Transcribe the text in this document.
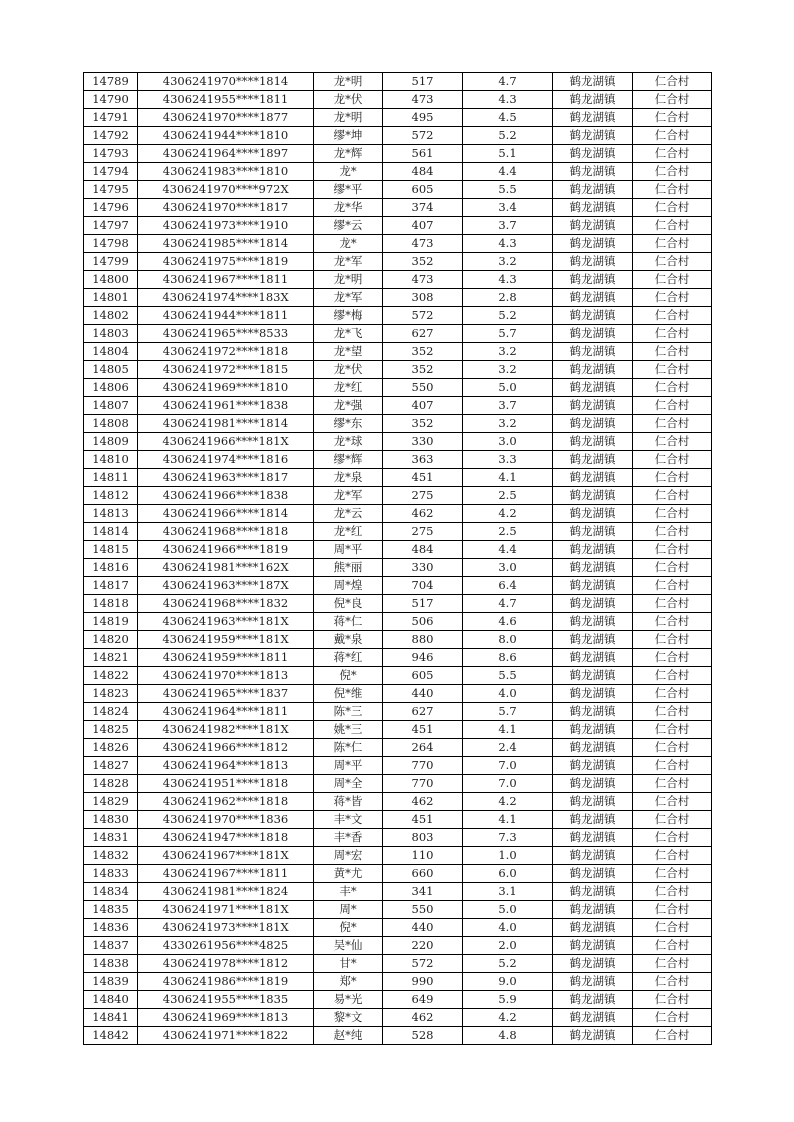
14789	4306241970****1814	龙*明	517	4.7	鹤龙湖镇	仁合村
14790	4306241955****1811	龙*伏	473	4.3	鹤龙湖镇	仁合村
14791	4306241970****1877	龙*明	495	4.5	鹤龙湖镇	仁合村
14792	4306241944****1810	缪*坤	572	5.2	鹤龙湖镇	仁合村
14793	4306241964****1897	龙*辉	561	5.1	鹤龙湖镇	仁合村
14794	4306241983****1810	龙*	484	4.4	鹤龙湖镇	仁合村
14795	4306241970****972X	缪*平	605	5.5	鹤龙湖镇	仁合村
14796	4306241970****1817	龙*华	374	3.4	鹤龙湖镇	仁合村
14797	4306241973****1910	缪*云	407	3.7	鹤龙湖镇	仁合村
14798	4306241985****1814	龙*	473	4.3	鹤龙湖镇	仁合村
14799	4306241975****1819	龙*军	352	3.2	鹤龙湖镇	仁合村
14800	4306241967****1811	龙*明	473	4.3	鹤龙湖镇	仁合村
14801	4306241974****183X	龙*军	308	2.8	鹤龙湖镇	仁合村
14802	4306241944****1811	缪*梅	572	5.2	鹤龙湖镇	仁合村
14803	4306241965****8533	龙*飞	627	5.7	鹤龙湖镇	仁合村
14804	4306241972****1818	龙*望	352	3.2	鹤龙湖镇	仁合村
14805	4306241972****1815	龙*伏	352	3.2	鹤龙湖镇	仁合村
14806	4306241969****1810	龙*红	550	5.0	鹤龙湖镇	仁合村
14807	4306241961****1838	龙*强	407	3.7	鹤龙湖镇	仁合村
14808	4306241981****1814	缪*东	352	3.2	鹤龙湖镇	仁合村
14809	4306241966****181X	龙*球	330	3.0	鹤龙湖镇	仁合村
14810	4306241974****1816	缪*辉	363	3.3	鹤龙湖镇	仁合村
14811	4306241963****1817	龙*泉	451	4.1	鹤龙湖镇	仁合村
14812	4306241966****1838	龙*军	275	2.5	鹤龙湖镇	仁合村
14813	4306241966****1814	龙*云	462	4.2	鹤龙湖镇	仁合村
14814	4306241968****1818	龙*红	275	2.5	鹤龙湖镇	仁合村
14815	4306241966****1819	周*平	484	4.4	鹤龙湖镇	仁合村
14816	4306241981****162X	熊*丽	330	3.0	鹤龙湖镇	仁合村
14817	4306241963****187X	周*煌	704	6.4	鹤龙湖镇	仁合村
14818	4306241968****1832	倪*良	517	4.7	鹤龙湖镇	仁合村
14819	4306241963****181X	蒋*仁	506	4.6	鹤龙湖镇	仁合村
14820	4306241959****181X	戴*泉	880	8.0	鹤龙湖镇	仁合村
14821	4306241959****1811	蒋*红	946	8.6	鹤龙湖镇	仁合村
14822	4306241970****1813	倪*	605	5.5	鹤龙湖镇	仁合村
14823	4306241965****1837	倪*维	440	4.0	鹤龙湖镇	仁合村
14824	4306241964****1811	陈*三	627	5.7	鹤龙湖镇	仁合村
14825	4306241982****181X	姚*三	451	4.1	鹤龙湖镇	仁合村
14826	4306241966****1812	陈*仁	264	2.4	鹤龙湖镇	仁合村
14827	4306241964****1813	周*平	770	7.0	鹤龙湖镇	仁合村
14828	4306241951****1818	周*全	770	7.0	鹤龙湖镇	仁合村
14829	4306241962****1818	蒋*皆	462	4.2	鹤龙湖镇	仁合村
14830	4306241970****1836	丰*文	451	4.1	鹤龙湖镇	仁合村
14831	4306241947****1818	丰*香	803	7.3	鹤龙湖镇	仁合村
14832	4306241967****181X	周*宏	110	1.0	鹤龙湖镇	仁合村
14833	4306241967****1811	黄*尤	660	6.0	鹤龙湖镇	仁合村
14834	4306241981****1824	丰*	341	3.1	鹤龙湖镇	仁合村
14835	4306241971****181X	周*	550	5.0	鹤龙湖镇	仁合村
14836	4306241973****181X	倪*	440	4.0	鹤龙湖镇	仁合村
14837	4330261956****4825	吴*仙	220	2.0	鹤龙湖镇	仁合村
14838	4306241978****1812	甘*	572	5.2	鹤龙湖镇	仁合村
14839	4306241986****1819	郑*	990	9.0	鹤龙湖镇	仁合村
14840	4306241955****1835	易*光	649	5.9	鹤龙湖镇	仁合村
14841	4306241969****1813	黎*文	462	4.2	鹤龙湖镇	仁合村
14842	4306241971****1822	赵*纯	528	4.8	鹤龙湖镇	仁合村
